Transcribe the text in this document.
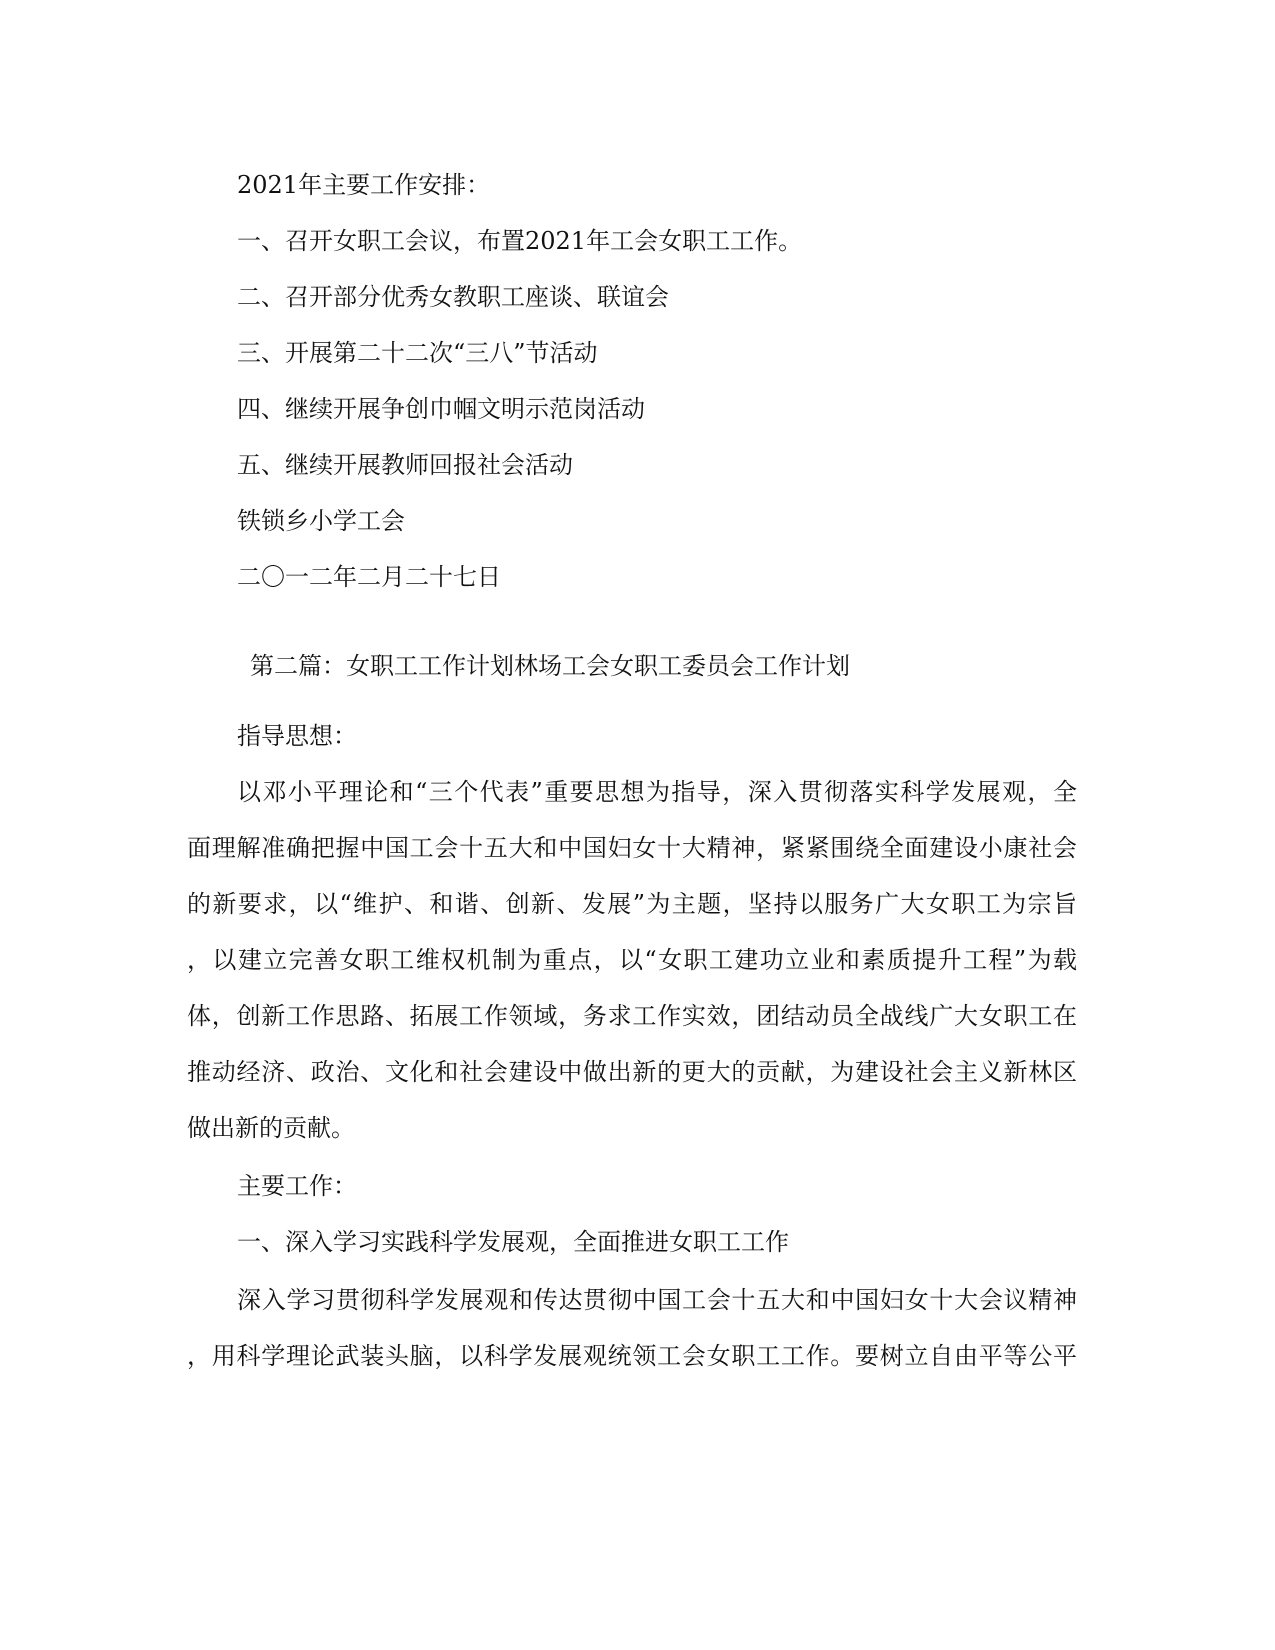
2021年主要工作安排：
一、召开女职工会议，布置2021年工会女职工工作。
二、召开部分优秀女教职工座谈、联谊会
三、开展第二十二次“三八”节活动
四、继续开展争创巾帼文明示范岗活动
五、继续开展教师回报社会活动
铁锁乡小学工会
二〇一二年二月二十七日
第二篇：女职工工作计划林场工会女职工委员会工作计划
指导思想：
以邓小平理论和“三个代表”重要思想为指导，深入贯彻落实科学发展观，全
面理解准确把握中国工会十五大和中国妇女十大精神，紧紧围绕全面建设小康社会
的新要求，以“维护、和谐、创新、发展”为主题，坚持以服务广大女职工为宗旨
，以建立完善女职工维权机制为重点，以“女职工建功立业和素质提升工程”为载
体，创新工作思路、拓展工作领域，务求工作实效，团结动员全战线广大女职工在
推动经济、政治、文化和社会建设中做出新的更大的贡献，为建设社会主义新林区
做出新的贡献。
主要工作：
一、深入学习实践科学发展观，全面推进女职工工作
深入学习贯彻科学发展观和传达贯彻中国工会十五大和中国妇女十大会议精神
，用科学理论武装头脑，以科学发展观统领工会女职工工作。要树立自由平等公平
